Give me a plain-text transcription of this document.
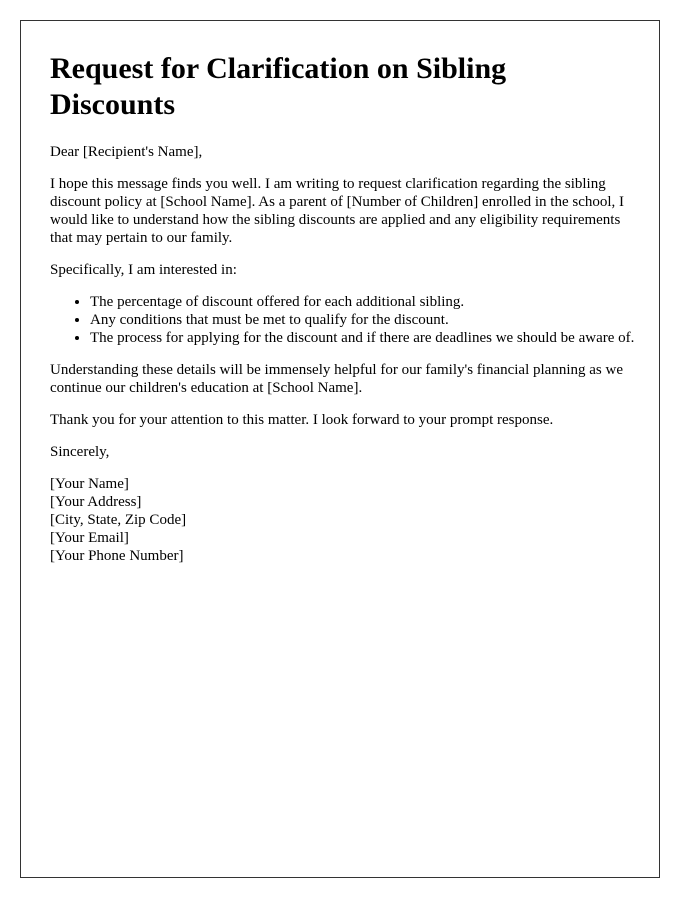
Request for Clarification on Sibling Discounts

Dear [Recipient's Name],

I hope this message finds you well. I am writing to request clarification regarding the sibling discount policy at [School Name]. As a parent of [Number of Children] enrolled in the school, I would like to understand how the sibling discounts are applied and any eligibility requirements that may pertain to our family.

Specifically, I am interested in:

• The percentage of discount offered for each additional sibling.
• Any conditions that must be met to qualify for the discount.
• The process for applying for the discount and if there are deadlines we should be aware of.

Understanding these details will be immensely helpful for our family's financial planning as we continue our children's education at [School Name].

Thank you for your attention to this matter. I look forward to your prompt response.

Sincerely,

[Your Name]
[Your Address]
[City, State, Zip Code]
[Your Email]
[Your Phone Number]
